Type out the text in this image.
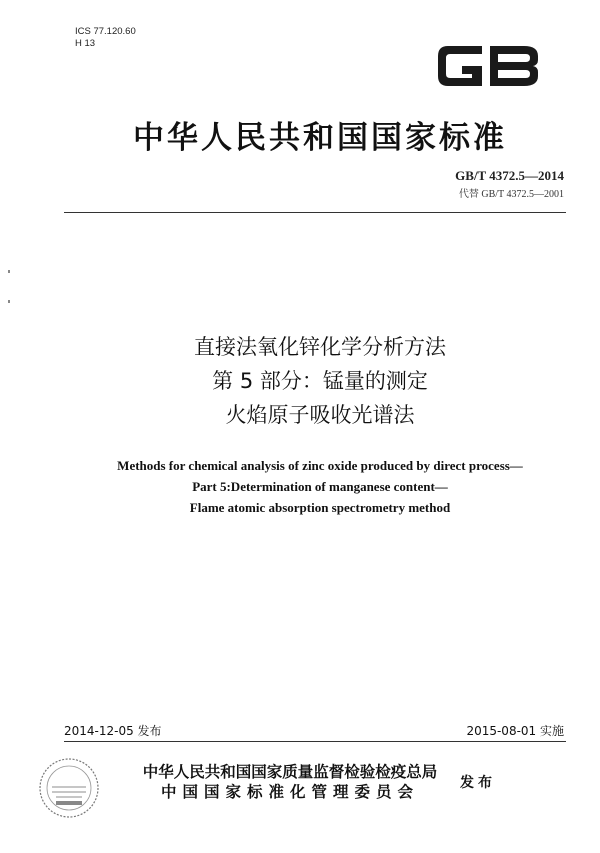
ICS 77.120.60
H 13
中华人民共和国国家标准
GB/T 4372.5—2014
代替 GB/T 4372.5—2001
直接法氧化锌化学分析方法
第 5 部分：锰量的测定
火焰原子吸收光谱法
Methods for chemical analysis of zinc oxide produced by direct process—
Part 5:Determination of manganese content—
Flame atomic absorption spectrometry method
2014-12-05 发布	2015-08-01 实施
中华人民共和国国家质量监督检验检疫总局
中国国家标准化管理委员会	发布
